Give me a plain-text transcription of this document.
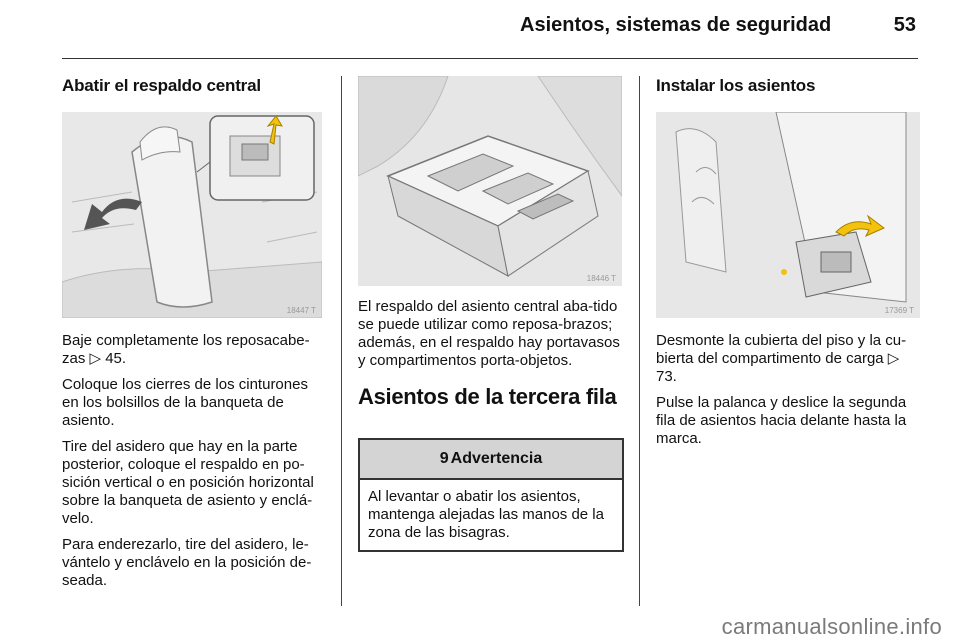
Asientos, sistemas de seguridad	53
Abatir el respaldo central
18447 T

Baje completamente los reposacabe-zas ▷ 45.

Coloque los cierres de los cinturones en los bolsillos de la banqueta de asiento.

Tire del asidero que hay en la parte posterior, coloque el respaldo en po-sición vertical o en posición horizontal sobre la banqueta de asiento y enclá-velo.

Para enderezarlo, tire del asidero, le-vántelo y enclávelo en la posición de-seada.

18446 T

El respaldo del asiento central aba-tido se puede utilizar como reposa-brazos; además, en el respaldo hay portavasos y compartimentos porta-objetos.

Asientos de la tercera fila

9 Advertencia
Al levantar o abatir los asientos, mantenga alejadas las manos de la zona de las bisagras.
Instalar los asientos
17369 T

Desmonte la cubierta del piso y la cu-bierta del compartimento de carga ▷ 73.

Pulse la palanca y deslice la segunda fila de asientos hacia delante hasta la marca.

carmanualsonline.info
